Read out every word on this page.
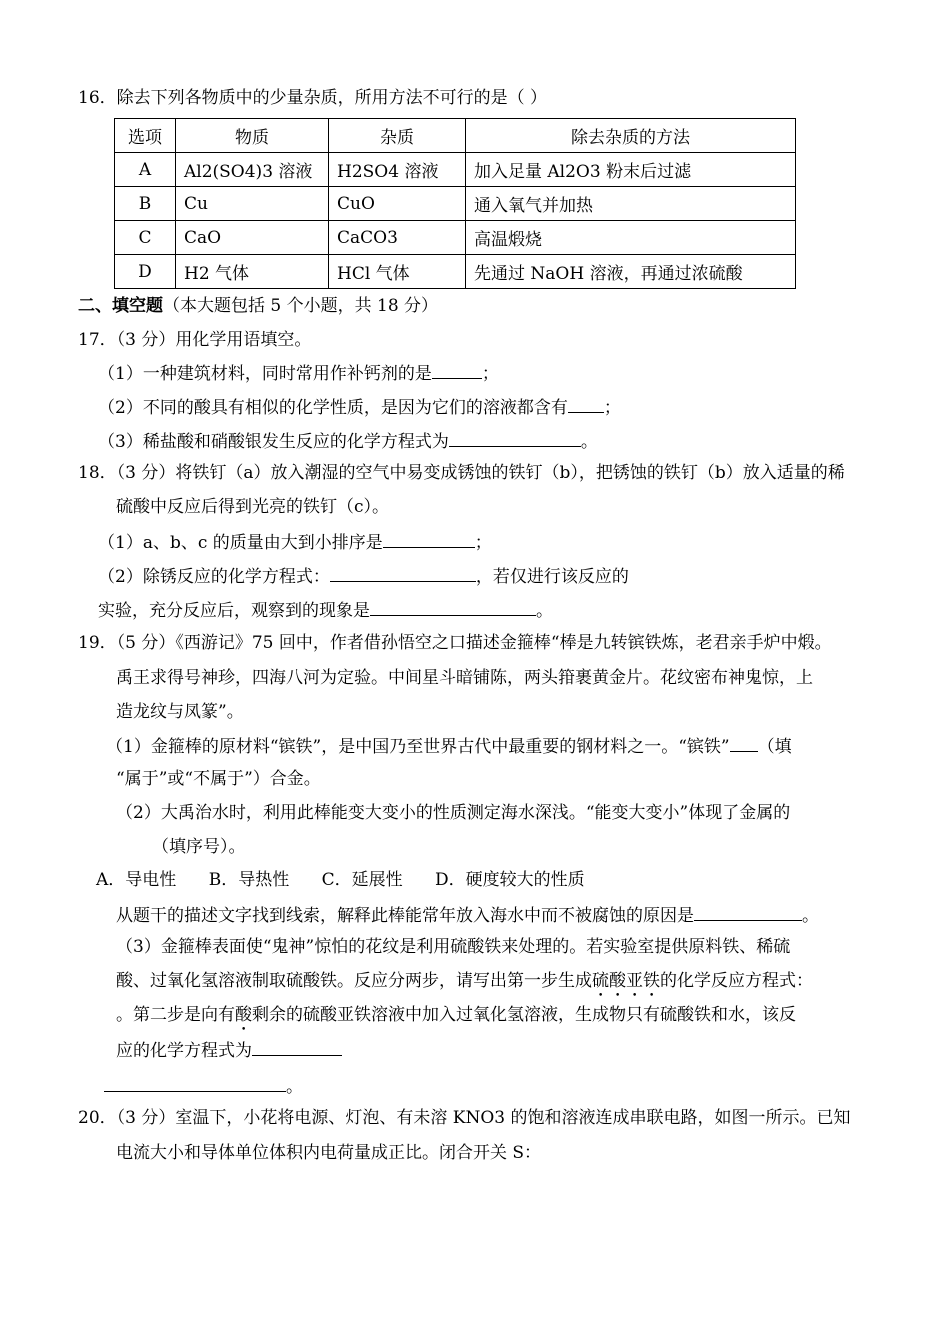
16．除去下列各物质中的少量杂质，所用方法不可行的是（ ）
选项	物质	杂质	除去杂质的方法
A	Al2(SO4)3 溶液	H2SO4 溶液	加入足量 Al2O3 粉末后过滤
B	Cu	CuO	通入氧气并加热
C	CaO	CaCO3	高温煅烧
D	H2 气体	HCl 气体	先通过 NaOH 溶液，再通过浓硫酸
二、填空题（本大题包括 5 个小题，共 18 分）
17．（3 分）用化学用语填空。
（1）一种建筑材料，同时常用作补钙剂的是	；
（2）不同的酸具有相似的化学性质，是因为它们的溶液都含有 ；
（3）稀盐酸和硝酸银发生反应的化学方程式为	。
18．（3 分）将铁钉（a）放入潮湿的空气中易变成锈蚀的铁钉（b），把锈蚀的铁钉（b）放入适量的稀
硫酸中反应后得到光亮的铁钉（c）。
（1）a、b、c 的质量由大到小排序是	；
（2）除锈反应的化学方程式：	，若仅进行该反应的
实验，充分反应后，观察到的现象是	。
19．（5 分）《西游记》75 回中，作者借孙悟空之口描述金箍棒“棒是九转镔铁炼，老君亲手炉中煅。
禹王求得号神珍，四海八河为定验。中间星斗暗铺陈，两头箝裹黄金片。花纹密布神鬼惊，上
造龙纹与凤篆”。
（1）金箍棒的原材料“镔铁”，是中国乃至世界古代中最重要的钢材料之一。“镔铁” （填
“属于”或“不属于”）合金。
（2）大禹治水时，利用此棒能变大变小的性质测定海水深浅。“能变大变小”体现了金属的
（填序号）。
A．导电性      B．导热性      C．延展性      D．硬度较大的性质
从题干的描述文字找到线索，解释此棒能常年放入海水中而不被腐蚀的原因是	。
（3）金箍棒表面使“鬼神”惊怕的花纹是利用硫酸铁来处理的。若实验室提供原料铁、稀硫
酸、过氧化氢溶液制取硫酸铁。反应分两步，请写出第一步生成硫酸亚铁的化学反应方程式：
。第二步是向有酸剩余的硫酸亚铁溶液中加入过氧化氢溶液，生成物只有硫酸铁和水，该反
应的化学方程式为
。
20．（3 分）室温下，小花将电源、灯泡、有未溶 KNO3 的饱和溶液连成串联电路，如图一所示。已知
电流大小和导体单位体积内电荷量成正比。闭合开关 S：
